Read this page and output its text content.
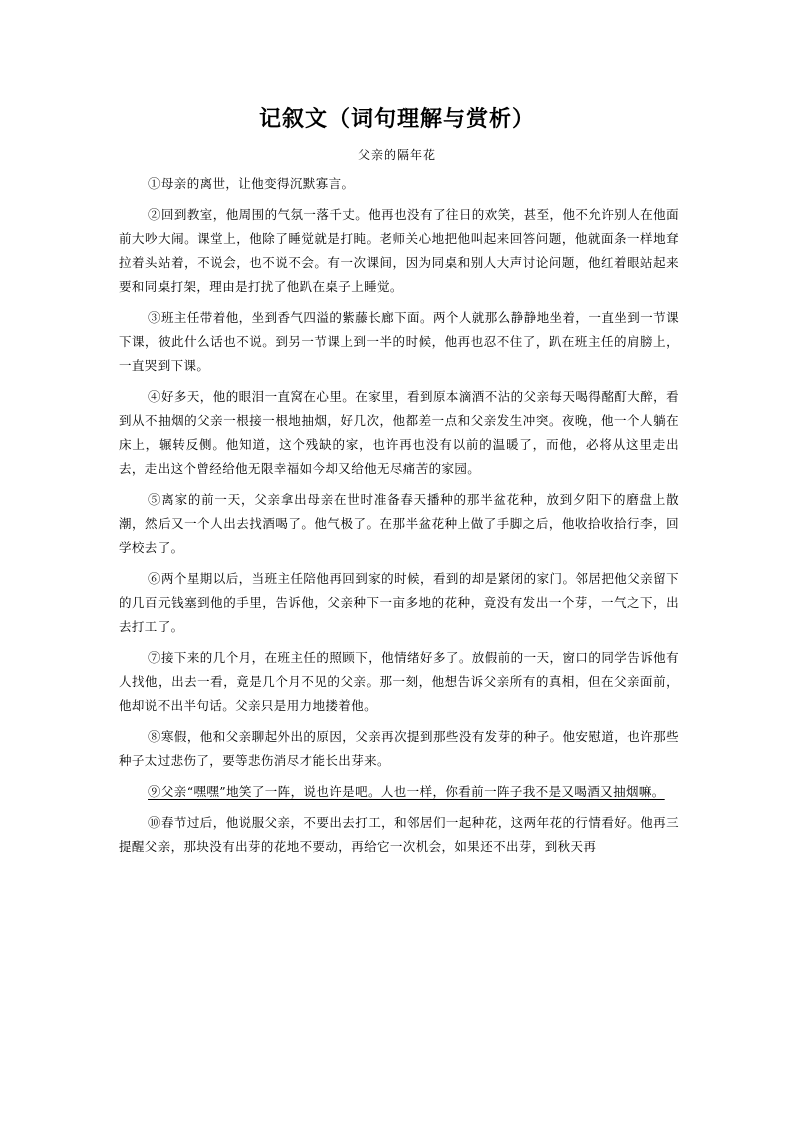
记叙文（词句理解与赏析）
父亲的隔年花

①母亲的离世，让他变得沉默寡言。

②回到教室，他周围的气氛一落千丈。他再也没有了往日的欢笑，甚至，他不允许别人在他面前大吵大闹。课堂上，他除了睡觉就是打盹。老师关心地把他叫起来回答问题，他就面条一样地耷拉着头站着，不说会，也不说不会。有一次课间，因为同桌和别人大声讨论问题，他红着眼站起来要和同桌打架，理由是打扰了他趴在桌子上睡觉。

③班主任带着他，坐到香气四溢的紫藤长廊下面。两个人就那么静静地坐着，一直坐到一节课下课，彼此什么话也不说。到另一节课上到一半的时候，他再也忍不住了，趴在班主任的肩膀上，一直哭到下课。

④好多天，他的眼泪一直窝在心里。在家里，看到原本滴酒不沾的父亲每天喝得酩酊大醉，看到从不抽烟的父亲一根接一根地抽烟，好几次，他都差一点和父亲发生冲突。夜晚，他一个人躺在床上，辗转反侧。他知道，这个残缺的家，也许再也没有以前的温暖了，而他，必将从这里走出去，走出这个曾经给他无限幸福如今却又给他无尽痛苦的家园。

⑤离家的前一天，父亲拿出母亲在世时准备春天播种的那半盆花种，放到夕阳下的磨盘上散潮，然后又一个人出去找酒喝了。他气极了。在那半盆花种上做了手脚之后，他收拾收拾行李，回学校去了。

⑥两个星期以后，当班主任陪他再回到家的时候，看到的却是紧闭的家门。邻居把他父亲留下的几百元钱塞到他的手里，告诉他，父亲种下一亩多地的花种，竟没有发出一个芽，一气之下，出去打工了。

⑦接下来的几个月，在班主任的照顾下，他情绪好多了。放假前的一天，窗口的同学告诉他有人找他，出去一看，竟是几个月不见的父亲。那一刻，他想告诉父亲所有的真相，但在父亲面前，他却说不出半句话。父亲只是用力地搂着他。

⑧寒假，他和父亲聊起外出的原因，父亲再次提到那些没有发芽的种子。他安慰道，也许那些种子太过悲伤了，要等悲伤消尽才能长出芽来。

⑨父亲“嘿嘿”地笑了一阵，说也许是吧。人也一样，你看前一阵子我不是又喝酒又抽烟嘛。

⑩春节过后，他说服父亲，不要出去打工，和邻居们一起种花，这两年花的行情看好。他再三提醒父亲，那块没有出芽的花地不要动，再给它一次机会，如果还不出芽，到秋天再
